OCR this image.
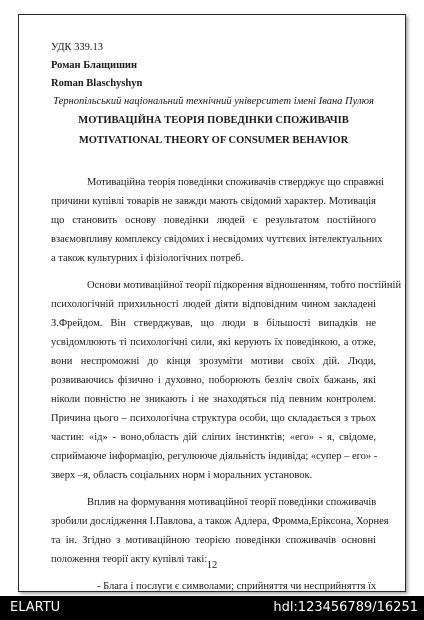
УДК 339.13
Роман Блащишин
Roman Blaschyshyn
Тернопільський національний технічний університет імені Івана Пулюя
МОТИВАЦІЙНА ТЕОРІЯ ПОВЕДІНКИ СПОЖИВАЧІВ
MOTIVATIONAL THEORY OF CONSUMER BEHAVIOR
Мотиваційна теорія поведінки споживачів стверджує що справжні
причини купівлі товарів не завжди мають свідомий характер. Мотивація
що становить основу поведінки людей є результатом постійного
взаємовпливу комплексу свідомих і несвідомих чуттєвих інтелектуальних
а також культурних і фізіологічних потреб.
Основи мотиваційної теорії підкорення відношенням, тобто постійній
психологічній прихильності людей діяти відповідним чином закладені
З.Фрейдом. Він стверджував, що люди в більшості випадків не
усвідомлюють ті психологічні сили, які керують їх поведінкою, а отже,
вони неспроможні до кінця зрозуміти мотиви своїх дій. Люди,
розвиваючись фізично і духовно, поборюють безліч своїх бажань, які
ніколи повністю не зникають і не знаходяться під певним контролем.
Причина цього – психологічна структура особи, що складається з трьох
частин: «ід» - воно,область дій сліпих інстинктів; «его» - я, свідоме,
сприймаюче інформацію, регулююче діяльність індивіда; «супер – его» -
зверх –я, область соціальних норм і моральних установок.
Вплив на формування мотиваційної теорії поведінки споживачів
зробили дослідження І.Павлова, а також Адлера, Фромма,Еріксона, Хорнея
та ін. Згідно з мотиваційною теорією поведінки споживачів основні
положення теорії акту купівлі такі:
- Блага і послуги є символами; сприйняття чи несприйняття їх
12
ELARTU	hdl:123456789/16251
